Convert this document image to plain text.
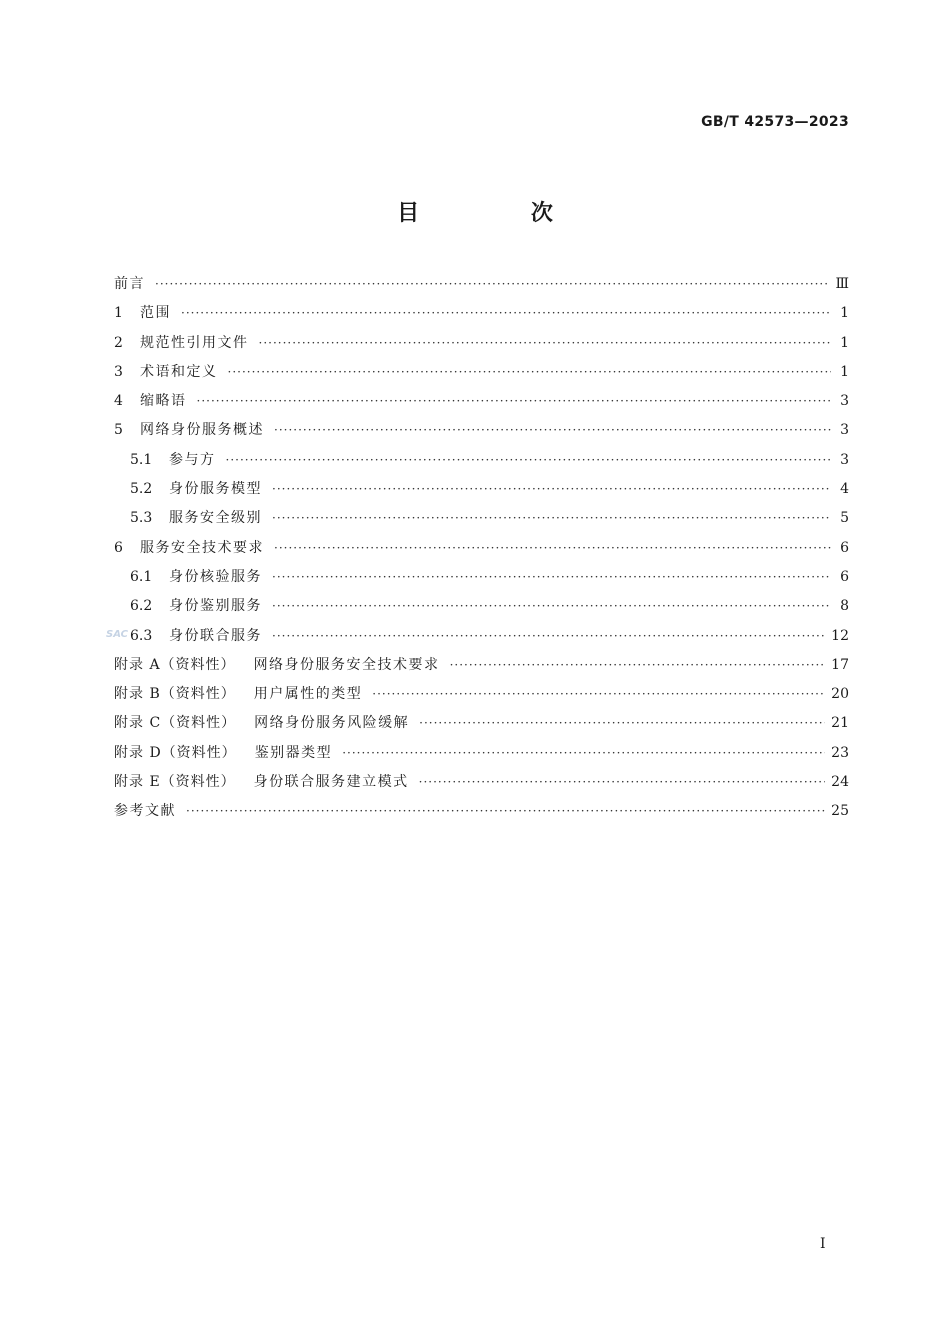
GB/T 42573—2023
目 次
前言 ·····	Ⅲ
1	范围 ·····	1
2	规范性引用文件 ·····	1
3	术语和定义 ·····	1
4	缩略语 ·····	3
5	网络身份服务概述 ·····	3
5.1	参与方 ·····	3
5.2	身份服务模型 ·····	4
5.3	服务安全级别 ·····	5
6	服务安全技术要求 ·····	6
6.1	身份核验服务 ·····	6
6.2	身份鉴别服务 ·····	8
6.3	身份联合服务 ·····	12
附录 A（资料性） 网络身份服务安全技术要求 ·····	17
附录 B（资料性） 用户属性的类型 ·····	20
附录 C（资料性） 网络身份服务风险缓解 ·····	21
附录 D（资料性） 鉴别器类型 ·····	23
附录 E（资料性） 身份联合服务建立模式 ·····	24
参考文献 ·····	25
SAC
I
